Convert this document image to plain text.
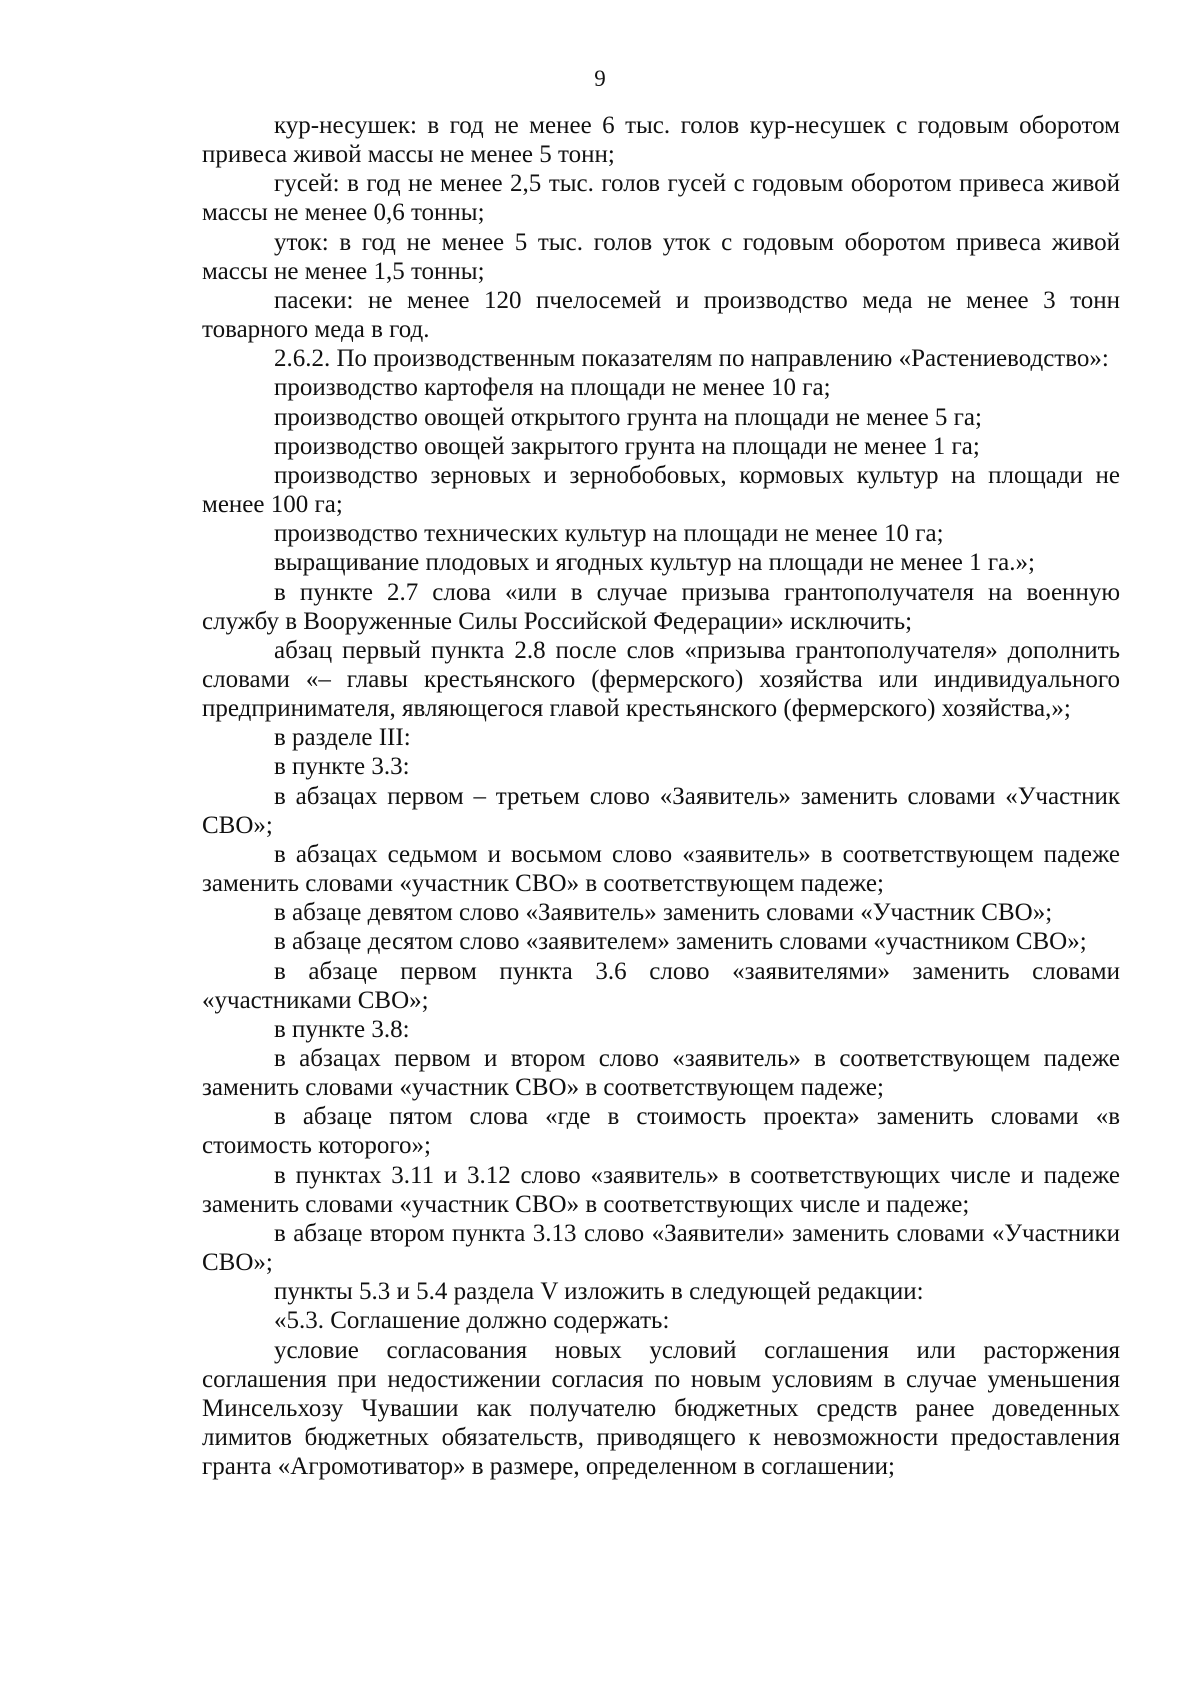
9

кур-несушек: в год не менее 6 тыс. голов кур-несушек с годовым оборотом привеса живой массы не менее 5 тонн;

гусей: в год не менее 2,5 тыс. голов гусей с годовым оборотом привеса живой массы не менее 0,6 тонны;

уток: в год не менее 5 тыс. голов уток с годовым оборотом привеса живой массы не менее 1,5 тонны;

пасеки: не менее 120 пчелосемей и производство меда не менее 3 тонн товарного меда в год.

2.6.2. По производственным показателям по направлению «Растениеводство»:

производство картофеля на площади не менее 10 га;

производство овощей открытого грунта на площади не менее 5 га;

производство овощей закрытого грунта на площади не менее 1 га;

производство зерновых и зернобобовых, кормовых культур на площади не менее 100 га;

производство технических культур на площади не менее 10 га;

выращивание плодовых и ягодных культур на площади не менее 1 га.»;

в пункте 2.7 слова «или в случае призыва грантополучателя на военную службу в Вооруженные Силы Российской Федерации» исключить;

абзац первый пункта 2.8 после слов «призыва грантополучателя» дополнить словами «– главы крестьянского (фермерского) хозяйства или индивидуального предпринимателя, являющегося главой крестьянского (фермерского) хозяйства,»;

в разделе III:

в пункте 3.3:

в абзацах первом – третьем слово «Заявитель» заменить словами «Участник СВО»;

в абзацах седьмом и восьмом слово «заявитель» в соответствующем падеже заменить словами «участник СВО» в соответствующем падеже;

в абзаце девятом слово «Заявитель» заменить словами «Участник СВО»;

в абзаце десятом слово «заявителем» заменить словами «участником СВО»;

в абзаце первом пункта 3.6 слово «заявителями» заменить словами «участниками СВО»;

в пункте 3.8:

в абзацах первом и втором слово «заявитель» в соответствующем падеже заменить словами «участник СВО» в соответствующем падеже;

в абзаце пятом слова «где в стоимость проекта» заменить словами «в стоимость которого»;

в пунктах 3.11 и 3.12 слово «заявитель» в соответствующих числе и падеже заменить словами «участник СВО» в соответствующих числе и падеже;

в абзаце втором пункта 3.13 слово «Заявители» заменить словами «Участники СВО»;

пункты 5.3 и 5.4 раздела V изложить в следующей редакции:

«5.3. Соглашение должно содержать:

условие согласования новых условий соглашения или расторжения соглашения при недостижении согласия по новым условиям в случае уменьшения Минсельхозу Чувашии как получателю бюджетных средств ранее доведенных лимитов бюджетных обязательств, приводящего к невозможности предоставления гранта «Агромотиватор» в размере, определенном в соглашении;
